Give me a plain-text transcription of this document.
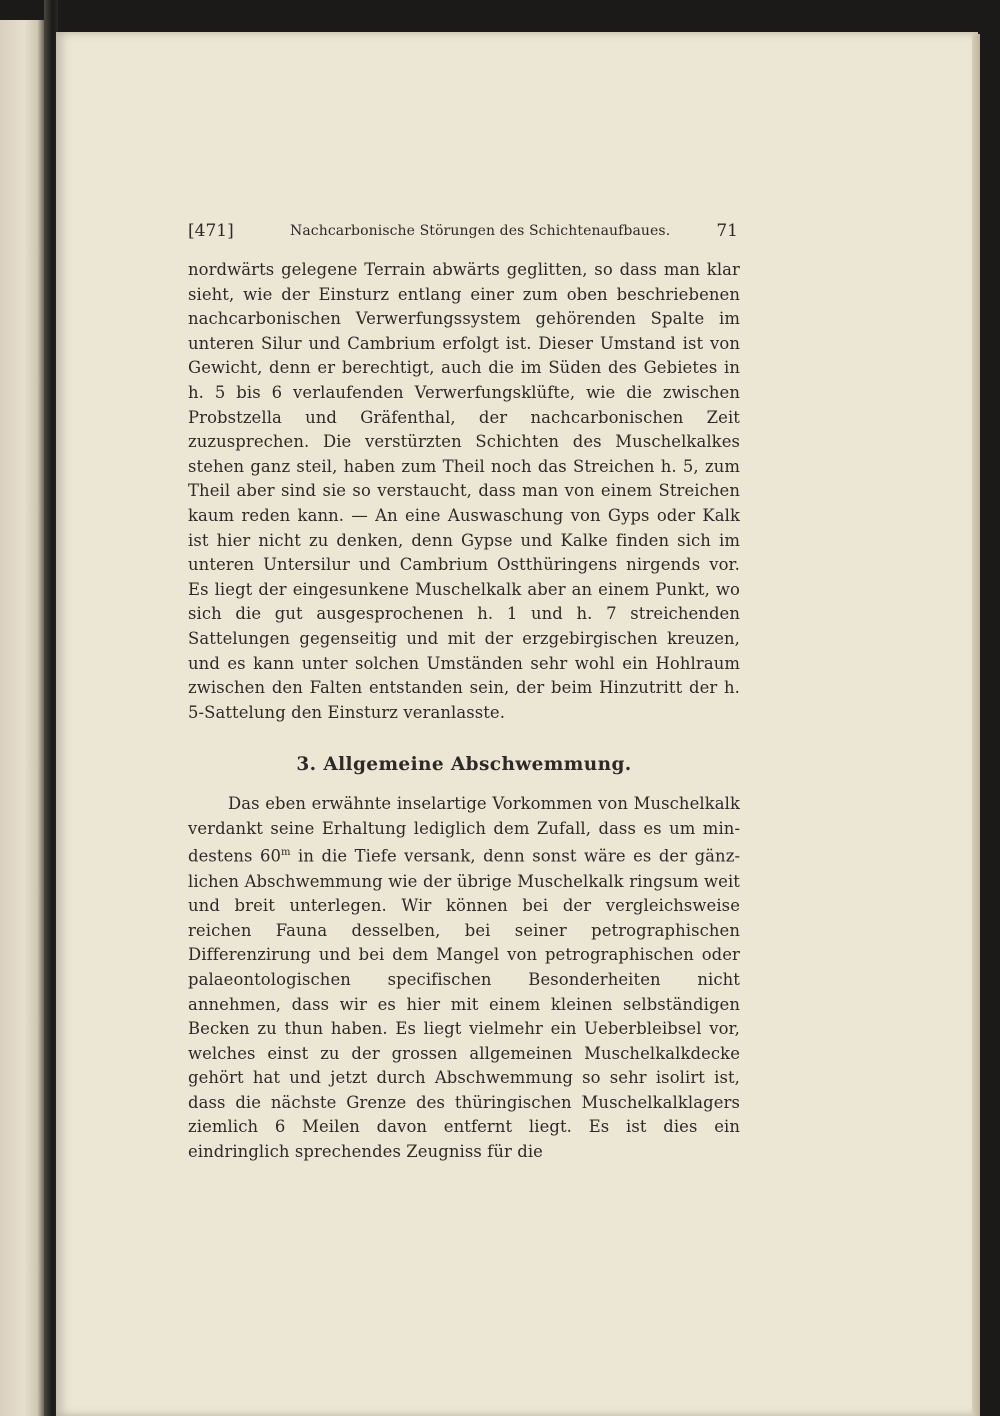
[471]	Nachcarbonische Störungen des Schichtenaufbaues.	71

nordwärts gelegene Terrain abwärts geglitten, so dass man klar sieht, wie der Einsturz entlang einer zum oben beschriebenen nachcarbonischen Verwerfungssystem gehörenden Spalte im unteren Silur und Cambrium erfolgt ist. Dieser Umstand ist von Gewicht, denn er berechtigt, auch die im Süden des Gebietes in h. 5 bis 6 verlaufenden Verwerfungsklüfte, wie die zwischen Probstzella und Gräfenthal, der nachcarbonischen Zeit zuzusprechen. Die verstürzten Schichten des Muschelkalkes stehen ganz steil, haben zum Theil noch das Streichen h. 5, zum Theil aber sind sie so verstaucht, dass man von einem Streichen kaum reden kann. — An eine Auswaschung von Gyps oder Kalk ist hier nicht zu denken, denn Gypse und Kalke finden sich im unteren Untersilur und Cambrium Ostthüringens nirgends vor. Es liegt der eingesunkene Muschelkalk aber an einem Punkt, wo sich die gut ausgesprochenen h. 1 und h. 7 streichenden Sattelungen gegenseitig und mit der erzgebirgischen kreuzen, und es kann unter solchen Umständen sehr wohl ein Hohlraum zwischen den Falten entstanden sein, der beim Hinzutritt der h. 5-Sattelung den Einsturz veranlasste.

3. Allgemeine Abschwemmung.

Das eben erwähnte inselartige Vorkommen von Muschelkalk verdankt seine Erhaltung lediglich dem Zufall, dass es um mindestens 60$^m$ in die Tiefe versank, denn sonst wäre es der gänzlichen Abschwemmung wie der übrige Muschelkalk ringsum weit und breit unterlegen. Wir können bei der vergleichsweise reichen Fauna desselben, bei seiner petrographischen Differenzirung und bei dem Mangel von petrographischen oder palaeontologischen specifischen Besonderheiten nicht annehmen, dass wir es hier mit einem kleinen selbständigen Becken zu thun haben. Es liegt vielmehr ein Ueberbleibsel vor, welches einst zu der grossen allgemeinen Muschelkalkdecke gehört hat und jetzt durch Abschwemmung so sehr isolirt ist, dass die nächste Grenze des thüringischen Muschelkalklagers ziemlich 6 Meilen davon entfernt liegt. Es ist dies ein eindringlich sprechendes Zeugniss für die
